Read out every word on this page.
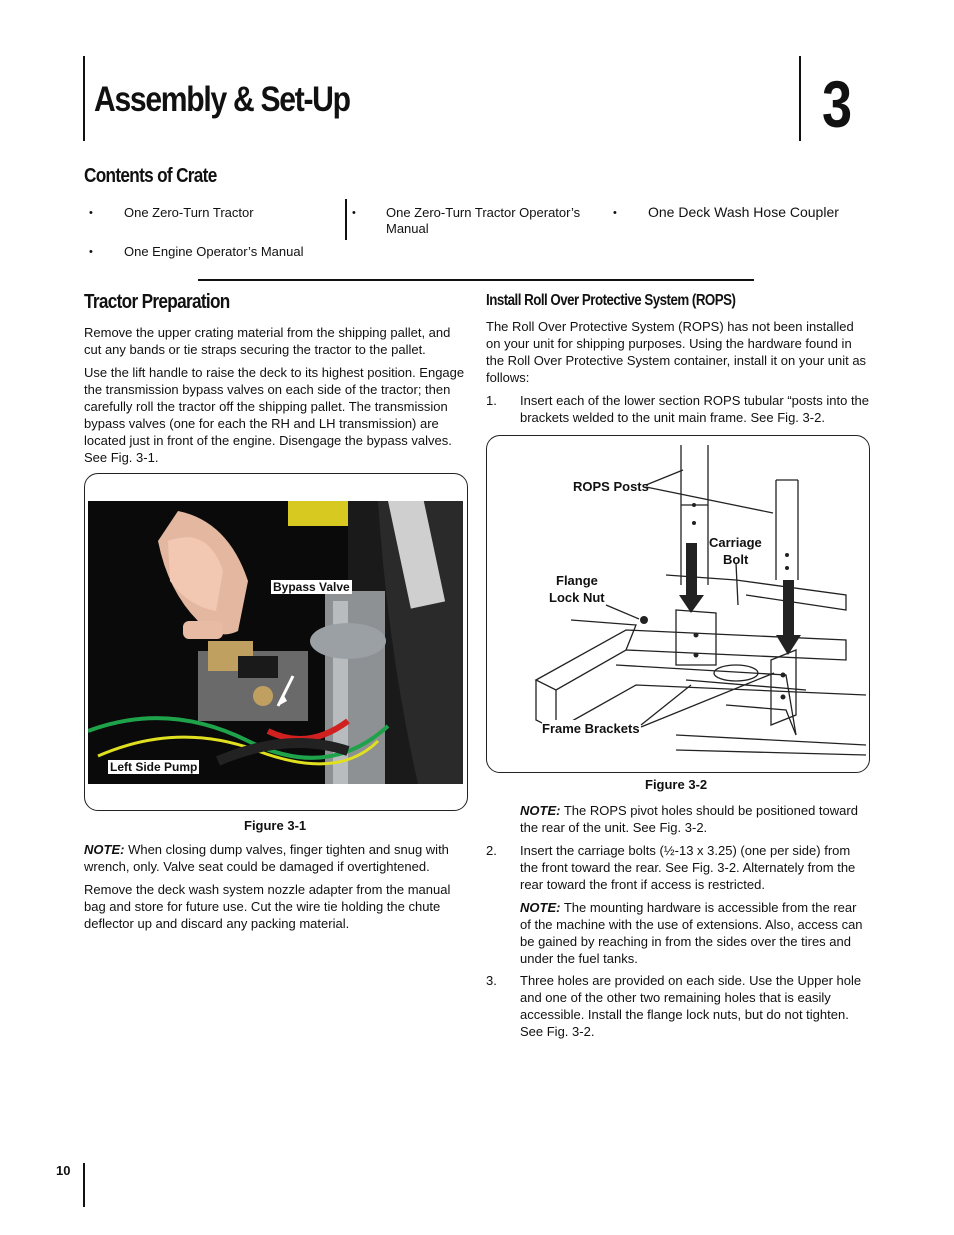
Assembly & Set-Up	3
Contents of Crate
• One Zero-Turn Tractor
• One Engine Operator’s Manual
• One Zero-Turn Tractor Operator’s Manual
• One Deck Wash Hose Coupler
Tractor Preparation

Remove the upper crating material from the shipping pallet, and cut any bands or tie straps securing the tractor to the pallet.

Use the lift handle to raise the deck to its highest position. Engage the transmission bypass valves on each side of the tractor; then carefully roll the tractor off the shipping pallet. The transmission bypass valves (one for each the RH and LH transmission) are located just in front of the engine. Disengage the bypass valves. See Fig. 3-1.

Bypass Valve
Left Side Pump
Figure 3-1

NOTE: When closing dump valves, finger tighten and snug with wrench, only. Valve seat could be damaged if overtightened.

Remove the deck wash system nozzle adapter from the manual bag and store for future use. Cut the wire tie holding the chute deflector up and discard any packing material.

Install Roll Over Protective System (ROPS)
The Roll Over Protective System (ROPS) has not been installed on your unit for shipping purposes. Using the hardware found in the Roll Over Protective System container, install it on your unit as follows:
1. Insert each of the lower section ROPS tubular “posts into the brackets welded to the unit main frame. See Fig. 3-2.
ROPS Posts
Carriage
Bolt
Flange
Lock Nut
Frame Brackets
Figure 3-2
NOTE: The ROPS pivot holes should be positioned toward the rear of the unit. See Fig. 3-2.
2. Insert the carriage bolts (½-13 x 3.25) (one per side) from the front toward the rear. See Fig. 3-2. Alternately from the rear toward the front if access is restricted.
NOTE: The mounting hardware is accessible from the rear of the machine with the use of extensions. Also, access can be gained by reaching in from the sides over the tires and under the fuel tanks.
3. Three holes are provided on each side. Use the Upper hole and one of the other two remaining holes that is easily accessible. Install the flange lock nuts, but do not tighten. See Fig. 3-2.
10
